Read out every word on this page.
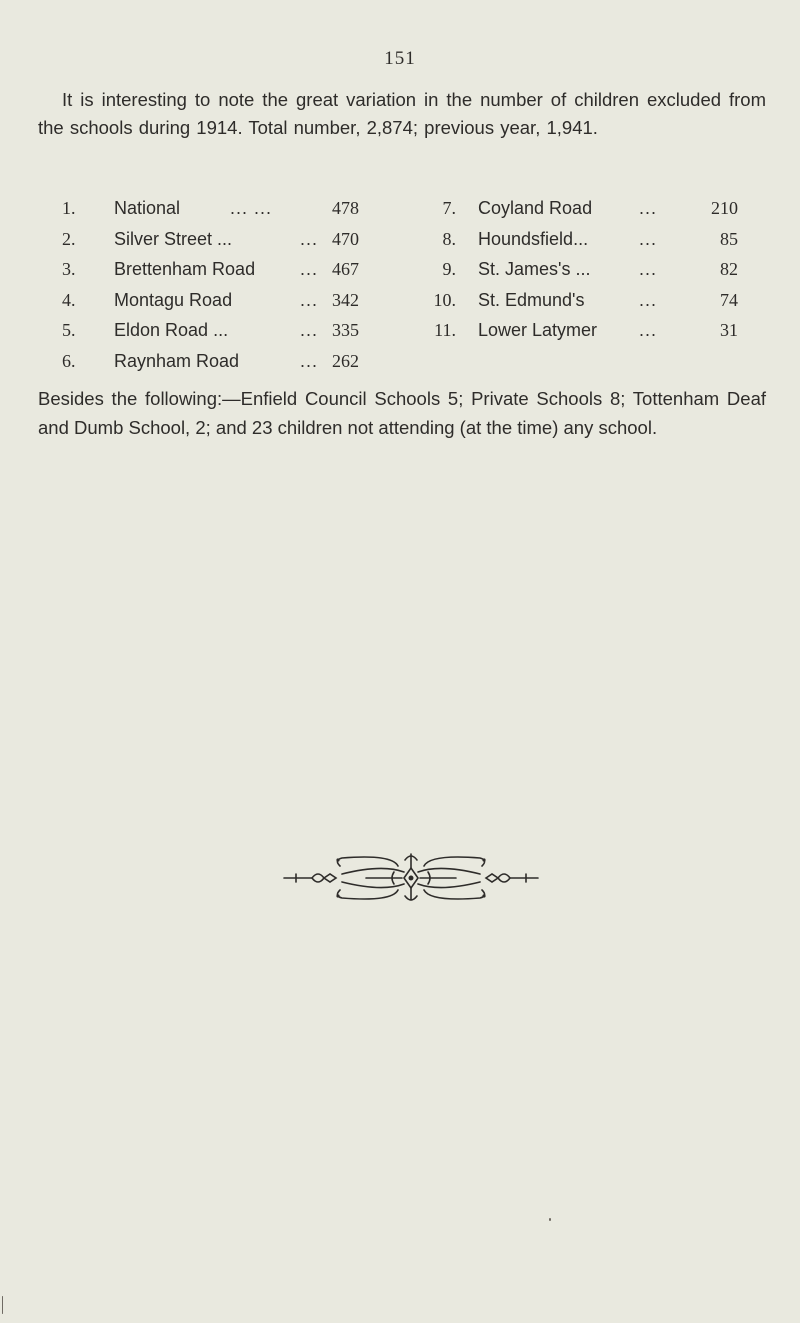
151
It is interesting to note the great variation in the number of children excluded from the schools during 1914. Total number, 2,874; previous year, 1,941.
1.	National	... ...	478
2.	Silver Street ...	... 470
3.	Brettenham Road ... 467
4.	Montagu Road	... 342
5.	Eldon Road ...	... 335
6.	Raynham Road	... 262
7. Coyland Road	...	210
8. Houndsfield...	...	85
9. St. James's ...	...	82
10. St. Edmund's	...	74
11. Lower Latymer ...	31
Besides the following:—Enfield Council Schools 5; Private Schools 8; Tottenham Deaf and Dumb School, 2; and 23 children not attending (at the time) any school.
